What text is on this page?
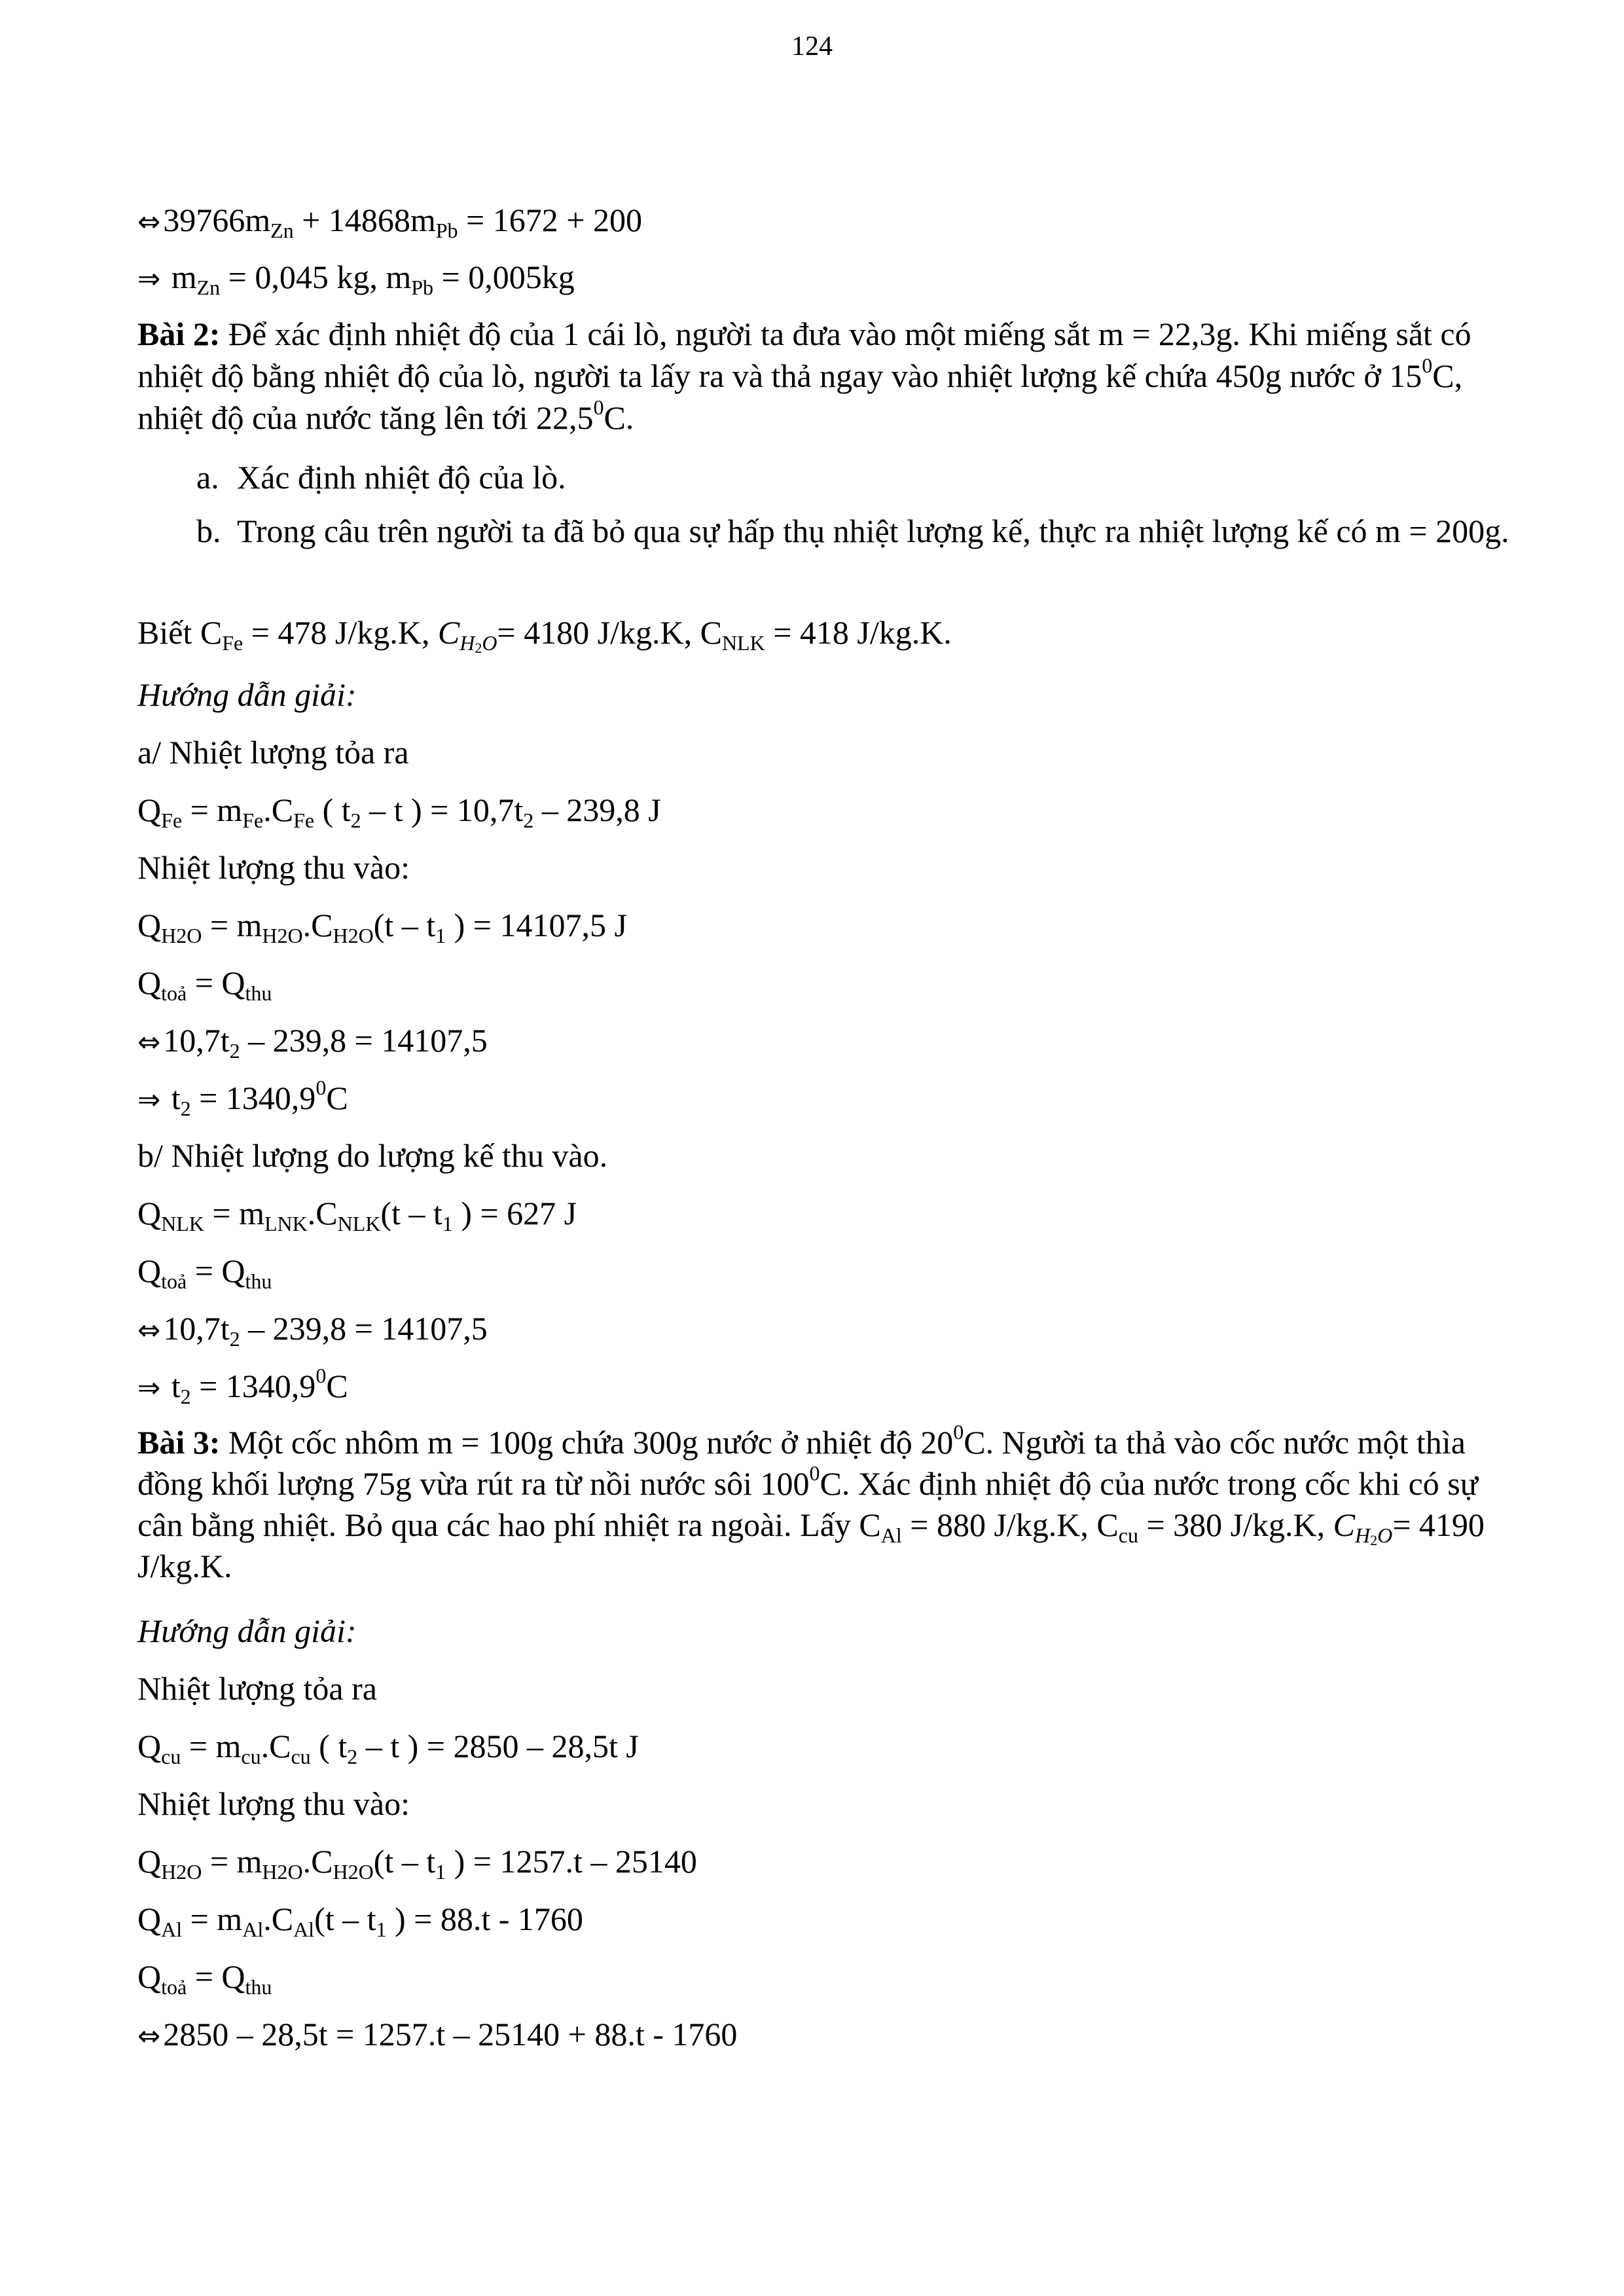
124
$\Leftrightarrow 39766m_{Zn} + 14868m_{Pb} = 1672 + 200$
⇒ $m_{Zn} = 0,045$ kg, $m_{Pb} = 0,005kg$
Bài 2: Để xác định nhiệt độ của 1 cái lò, người ta đưa vào một miếng sắt m = 22,3g. Khi miếng sắt có nhiệt độ bằng nhiệt độ của lò, người ta lấy ra và thả ngay vào nhiệt lượng kế chứa 450g nước ở $15^0C$, nhiệt độ của nước tăng lên tới 22,5$^0$C.
a. Xác định nhiệt độ của lò.
b. Trong câu trên người ta đã bỏ qua sự hấp thụ nhiệt lượng kế, thực ra nhiệt lượng kế có m = 200g.
Biết $C_{Fe} = 478$ J/kg.K, $C_{H2O}= 4180$ J/kg.K, $C_{NLK} = 418$ J/kg.K.
Hướng dẫn giải:
a/ Nhiệt lượng tỏa ra
$Q_{Fe} = m_{Fe}.C_{Fe}$ ( $t_2$ – t ) = $10,7t_2 - 239,8$ J
Nhiệt lượng thu vào:
$Q_{H2O} = m_{H2O}.C_{H2O}(t - t_1$ ) = 14107,5 J
$Q_{toả} = Q_{thu}$
$\Leftrightarrow 10,7t_2 - 239,8 = 14107,5$
⇒ $t_2 = 1340,9^0C$
b/ Nhiệt lượng do lượng kế thu vào.
$Q_{NLK} = m_{LNK}.C_{NLK}(t - t_1$ ) = 627 J
$Q_{toả} = Q_{thu}$
$\Leftrightarrow 10,7t_2 - 239,8 = 14107,5$
⇒ $t_2 = 1340,9^0C$
Bài 3: Một cốc nhôm m = 100g chứa 300g nước ở nhiệt độ $20^0C$. Người ta thả vào cốc nước một thìa đồng khối lượng 75g vừa rút ra từ nồi nước sôi $100^0C$. Xác định nhiệt độ của nước trong cốc khi có sự cân bằng nhiệt. Bỏ qua các hao phí nhiệt ra ngoài. Lấy $C_{Al} = 880$ J/kg.K, $C_{cu} = 380$ J/kg.K, $C_{H2O}= 4190$ J/kg.K.
Hướng dẫn giải:
Nhiệt lượng tỏa ra
$Q_{cu} = m_{cu}.C_{cu}$ ( $t_2$ – t ) = 2850 – 28,5t J
Nhiệt lượng thu vào:
$Q_{H2O} = m_{H2O}.C_{H2O}(t - t_1$ ) = 1257.t – 25140
$Q_{Al} = m_{Al}.C_{Al}(t - t_1$ ) = 88.t - 1760
$Q_{toả} = Q_{thu}$
⇔2850 – 28,5t = 1257.t – 25140 + 88.t - 1760
